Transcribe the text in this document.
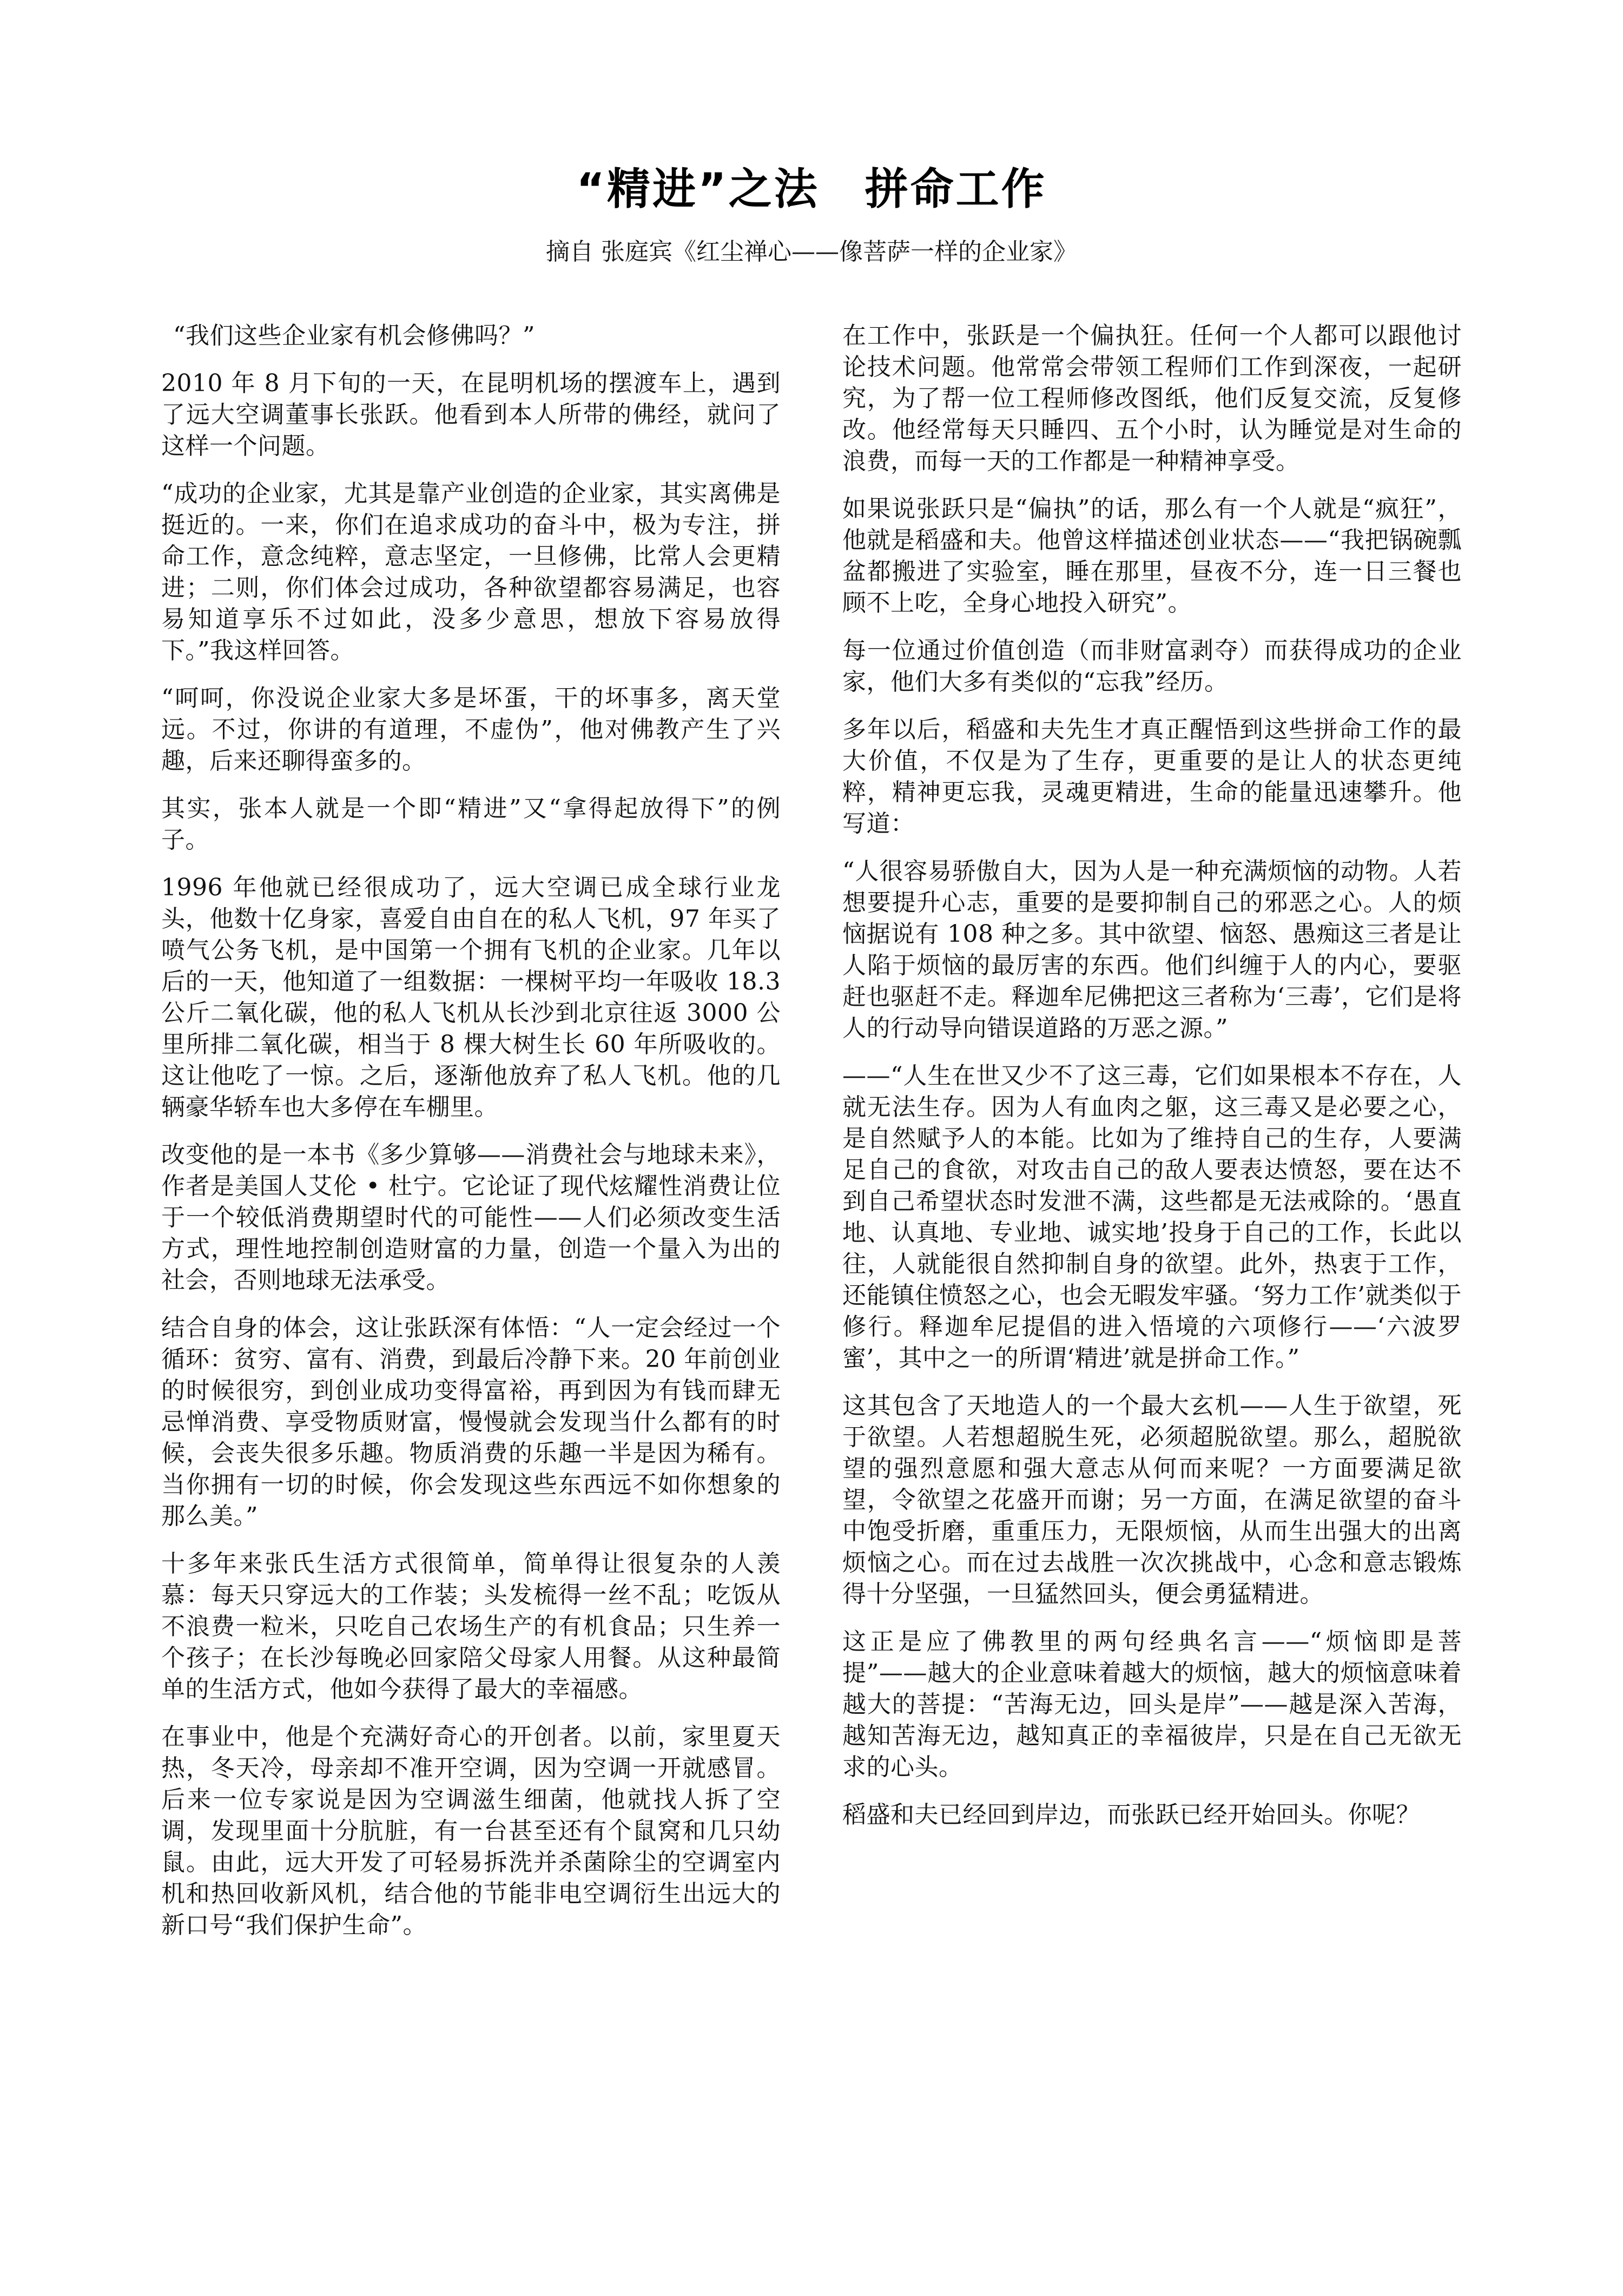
“精进”之法　拼命工作

摘自 张庭宾《红尘禅心——像菩萨一样的企业家》

“我们这些企业家有机会修佛吗？”

2010 年 8 月下旬的一天，在昆明机场的摆渡车上，遇到了远大空调董事长张跃。他看到本人所带的佛经，就问了这样一个问题。

“成功的企业家，尤其是靠产业创造的企业家，其实离佛是挺近的。一来，你们在追求成功的奋斗中，极为专注，拼命工作，意念纯粹，意志坚定，一旦修佛，比常人会更精进；二则，你们体会过成功，各种欲望都容易满足，也容易知道享乐不过如此，没多少意思，想放下容易放得下。”我这样回答。

“呵呵，你没说企业家大多是坏蛋，干的坏事多，离天堂远。不过，你讲的有道理，不虚伪”，他对佛教产生了兴趣，后来还聊得蛮多的。

其实，张本人就是一个即“精进”又“拿得起放得下”的例子。

1996 年他就已经很成功了，远大空调已成全球行业龙头，他数十亿身家，喜爱自由自在的私人飞机，97 年买了喷气公务飞机，是中国第一个拥有飞机的企业家。几年以后的一天，他知道了一组数据：一棵树平均一年吸收 18.3 公斤二氧化碳，他的私人飞机从长沙到北京往返 3000 公里所排二氧化碳，相当于 8 棵大树生长 60 年所吸收的。这让他吃了一惊。之后，逐渐他放弃了私人飞机。他的几辆豪华轿车也大多停在车棚里。

改变他的是一本书《多少算够——消费社会与地球未来》，作者是美国人艾伦 • 杜宁。它论证了现代炫耀性消费让位于一个较低消费期望时代的可能性——人们必须改变生活方式，理性地控制创造财富的力量，创造一个量入为出的社会，否则地球无法承受。

结合自身的体会，这让张跃深有体悟：“人一定会经过一个循环：贫穷、富有、消费，到最后冷静下来。20 年前创业的时候很穷，到创业成功变得富裕，再到因为有钱而肆无忌惮消费、享受物质财富，慢慢就会发现当什么都有的时候，会丧失很多乐趣。物质消费的乐趣一半是因为稀有。当你拥有一切的时候，你会发现这些东西远不如你想象的那么美。”

十多年来张氏生活方式很简单，简单得让很复杂的人羡慕：每天只穿远大的工作装；头发梳得一丝不乱；吃饭从不浪费一粒米，只吃自己农场生产的有机食品；只生养一个孩子；在长沙每晚必回家陪父母家人用餐。从这种最简单的生活方式，他如今获得了最大的幸福感。

在事业中，他是个充满好奇心的开创者。以前，家里夏天热，冬天冷，母亲却不准开空调，因为空调一开就感冒。后来一位专家说是因为空调滋生细菌，他就找人拆了空调，发现里面十分肮脏，有一台甚至还有个鼠窝和几只幼鼠。由此，远大开发了可轻易拆洗并杀菌除尘的空调室内机和热回收新风机，结合他的节能非电空调衍生出远大的新口号“我们保护生命”。

在工作中，张跃是一个偏执狂。任何一个人都可以跟他讨论技术问题。他常常会带领工程师们工作到深夜，一起研究，为了帮一位工程师修改图纸，他们反复交流，反复修改。他经常每天只睡四、五个小时，认为睡觉是对生命的浪费，而每一天的工作都是一种精神享受。

如果说张跃只是“偏执”的话，那么有一个人就是“疯狂”，他就是稻盛和夫。他曾这样描述创业状态——“我把锅碗瓢盆都搬进了实验室，睡在那里，昼夜不分，连一日三餐也顾不上吃，全身心地投入研究”。

每一位通过价值创造（而非财富剥夺）而获得成功的企业家，他们大多有类似的“忘我”经历。

多年以后，稻盛和夫先生才真正醒悟到这些拼命工作的最大价值，不仅是为了生存，更重要的是让人的状态更纯粹，精神更忘我，灵魂更精进，生命的能量迅速攀升。他写道：

“人很容易骄傲自大，因为人是一种充满烦恼的动物。人若想要提升心志，重要的是要抑制自己的邪恶之心。人的烦恼据说有 108 种之多。其中欲望、恼怒、愚痴这三者是让人陷于烦恼的最厉害的东西。他们纠缠于人的内心，要驱赶也驱赶不走。释迦牟尼佛把这三者称为‘三毒’，它们是将人的行动导向错误道路的万恶之源。”

——“人生在世又少不了这三毒，它们如果根本不存在，人就无法生存。因为人有血肉之躯，这三毒又是必要之心，是自然赋予人的本能。比如为了维持自己的生存，人要满足自己的食欲，对攻击自己的敌人要表达愤怒，要在达不到自己希望状态时发泄不满，这些都是无法戒除的。‘愚直地、认真地、专业地、诚实地’投身于自己的工作，长此以往，人就能很自然抑制自身的欲望。此外，热衷于工作，还能镇住愤怒之心，也会无暇发牢骚。‘努力工作’就类似于修行。释迦牟尼提倡的进入悟境的六项修行——‘六波罗蜜’，其中之一的所谓‘精进’就是拼命工作。”

这其包含了天地造人的一个最大玄机——人生于欲望，死于欲望。人若想超脱生死，必须超脱欲望。那么，超脱欲望的强烈意愿和强大意志从何而来呢？一方面要满足欲望，令欲望之花盛开而谢；另一方面，在满足欲望的奋斗中饱受折磨，重重压力，无限烦恼，从而生出强大的出离烦恼之心。而在过去战胜一次次挑战中，心念和意志锻炼得十分坚强，一旦猛然回头，便会勇猛精进。

这正是应了佛教里的两句经典名言——“烦恼即是菩提”——越大的企业意味着越大的烦恼，越大的烦恼意味着越大的菩提：“苦海无边，回头是岸”——越是深入苦海，越知苦海无边，越知真正的幸福彼岸，只是在自己无欲无求的心头。

稻盛和夫已经回到岸边，而张跃已经开始回头。你呢？
